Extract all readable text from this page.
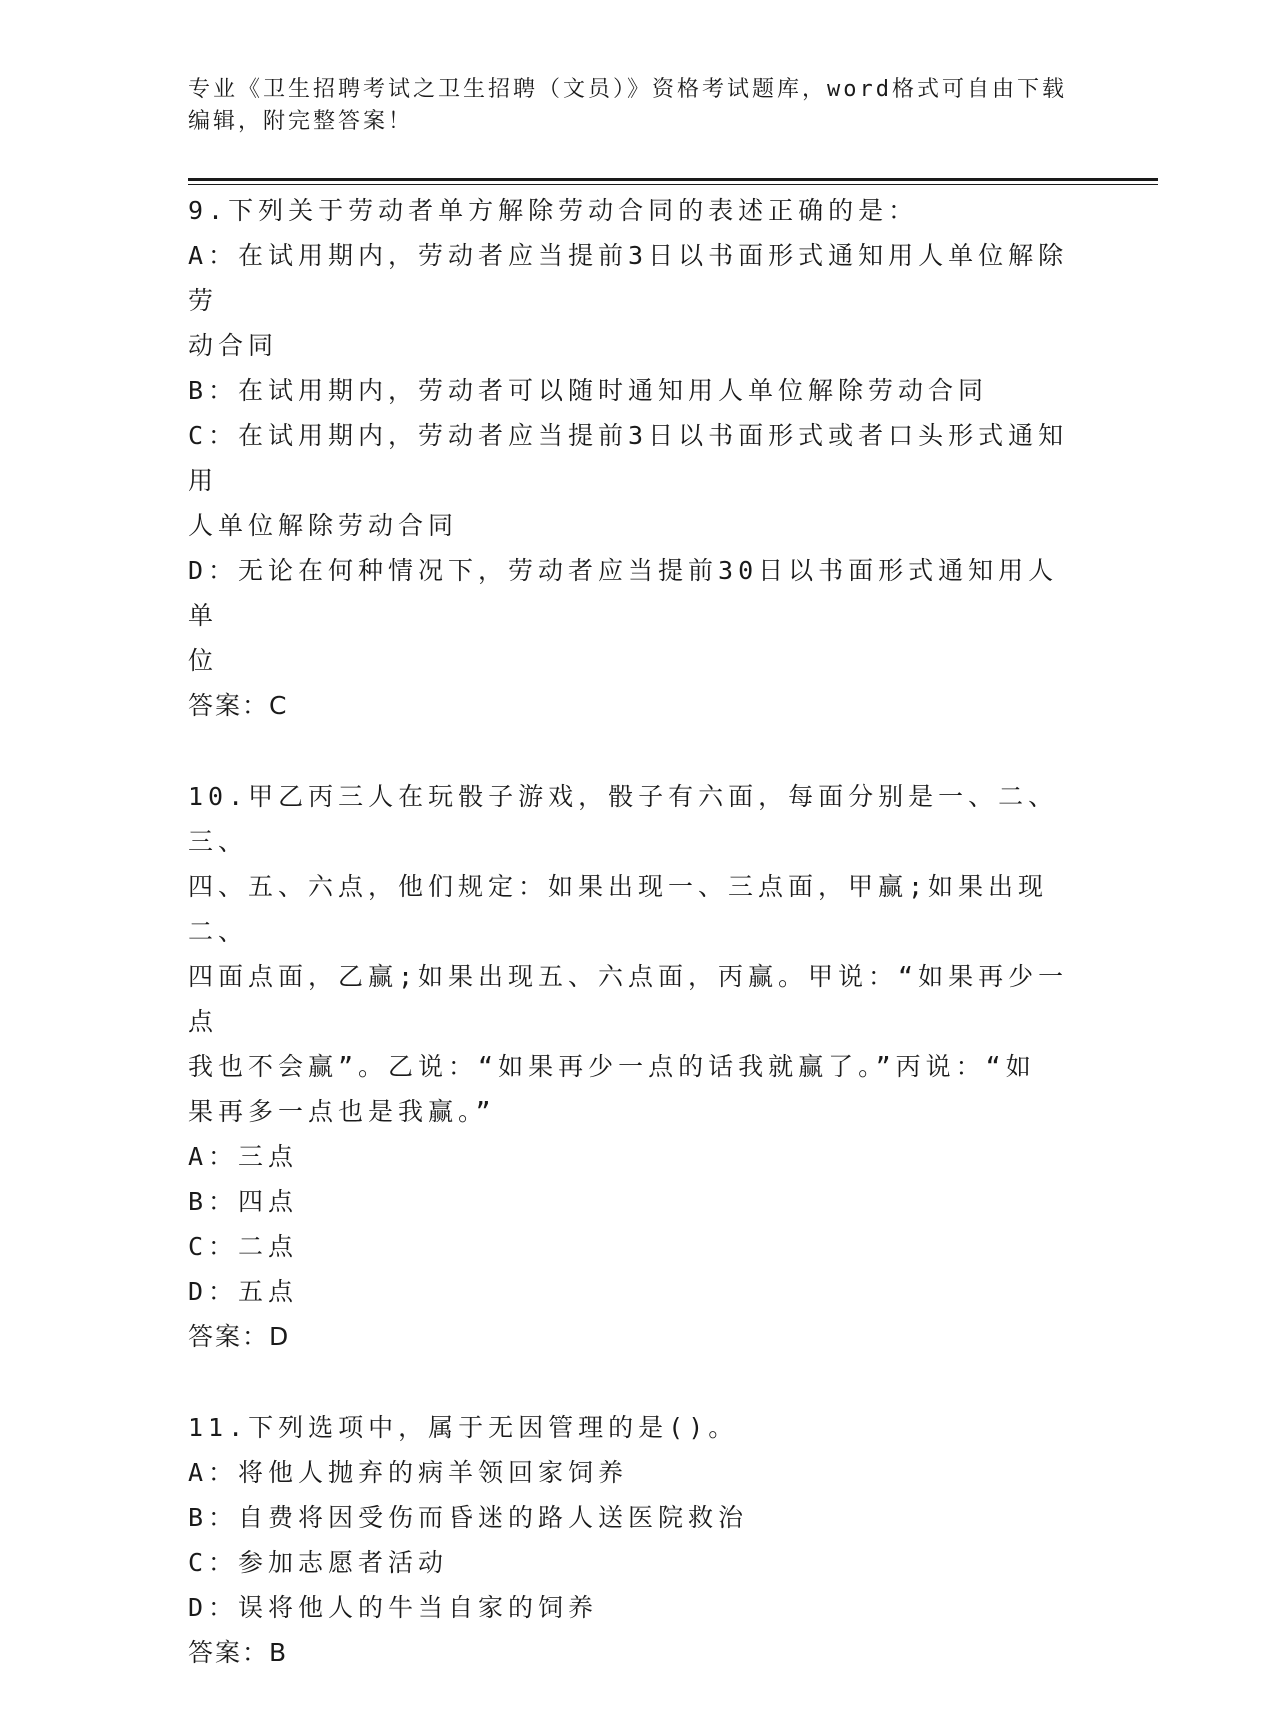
专业《卫生招聘考试之卫生招聘（文员）》资格考试题库，word格式可自由下载
编辑，附完整答案！
9.下列关于劳动者单方解除劳动合同的表述正确的是：
A：在试用期内，劳动者应当提前3日以书面形式通知用人单位解除劳
动合同
B：在试用期内，劳动者可以随时通知用人单位解除劳动合同
C：在试用期内，劳动者应当提前3日以书面形式或者口头形式通知用
人单位解除劳动合同
D：无论在何种情况下，劳动者应当提前30日以书面形式通知用人单
位
答案：C
10.甲乙丙三人在玩骰子游戏，骰子有六面，每面分别是一、二、三、
四、五、六点，他们规定：如果出现一、三点面，甲赢;如果出现二、
四面点面，乙赢;如果出现五、六点面，丙赢。甲说：“如果再少一点
我也不会赢”。乙说：“如果再少一点的话我就赢了。”丙说：“如
果再多一点也是我赢。”
A：三点
B：四点
C：二点
D：五点
答案：D
11.下列选项中，属于无因管理的是()。
A：将他人抛弃的病羊领回家饲养
B：自费将因受伤而昏迷的路人送医院救治
C：参加志愿者活动
D：误将他人的牛当自家的饲养
答案：B
